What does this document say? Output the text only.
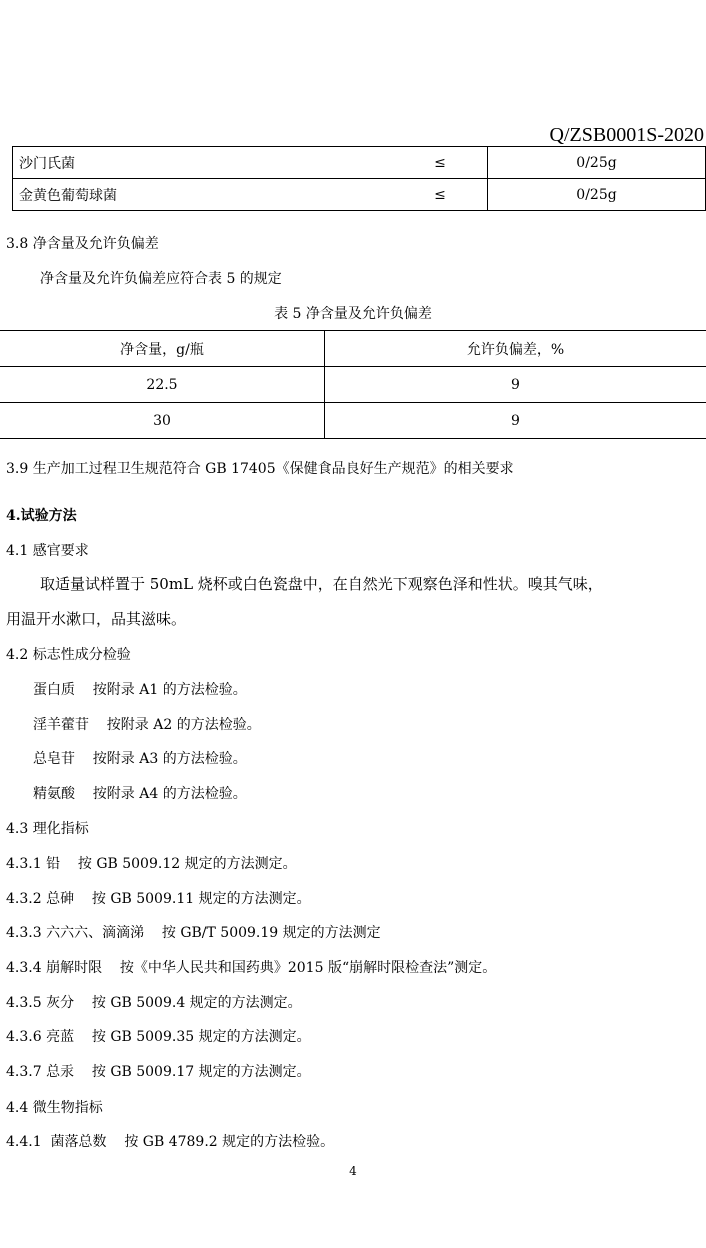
Q/ZSB0001S-2020
沙门氏菌	≤	0/25g
金黄色葡萄球菌	≤	0/25g
3.8 净含量及允许负偏差
净含量及允许负偏差应符合表 5 的规定
表 5 净含量及允许负偏差
净含量，g/瓶	允许负偏差，%
22.5	9
30	9
3.9 生产加工过程卫生规范符合 GB 17405《保健食品良好生产规范》的相关要求
4.试验方法
4.1 感官要求
取适量试样置于 50mL 烧杯或白色瓷盘中，在自然光下观察色泽和性状。嗅其气味，
用温开水漱口，品其滋味。
4.2 标志性成分检验
蛋白质    按附录 A1 的方法检验。
淫羊藿苷    按附录 A2 的方法检验。
总皂苷    按附录 A3 的方法检验。
精氨酸    按附录 A4 的方法检验。
4.3 理化指标
4.3.1 铅    按 GB 5009.12 规定的方法测定。
4.3.2 总砷    按 GB 5009.11 规定的方法测定。
4.3.3 六六六、滴滴涕    按 GB/T 5009.19 规定的方法测定
4.3.4 崩解时限    按《中华人民共和国药典》2015 版“崩解时限检查法”测定。
4.3.5 灰分    按 GB 5009.4 规定的方法测定。
4.3.6 亮蓝    按 GB 5009.35 规定的方法测定。
4.3.7 总汞    按 GB 5009.17 规定的方法测定。
4.4 微生物指标
4.4.1  菌落总数    按 GB 4789.2 规定的方法检验。
4
